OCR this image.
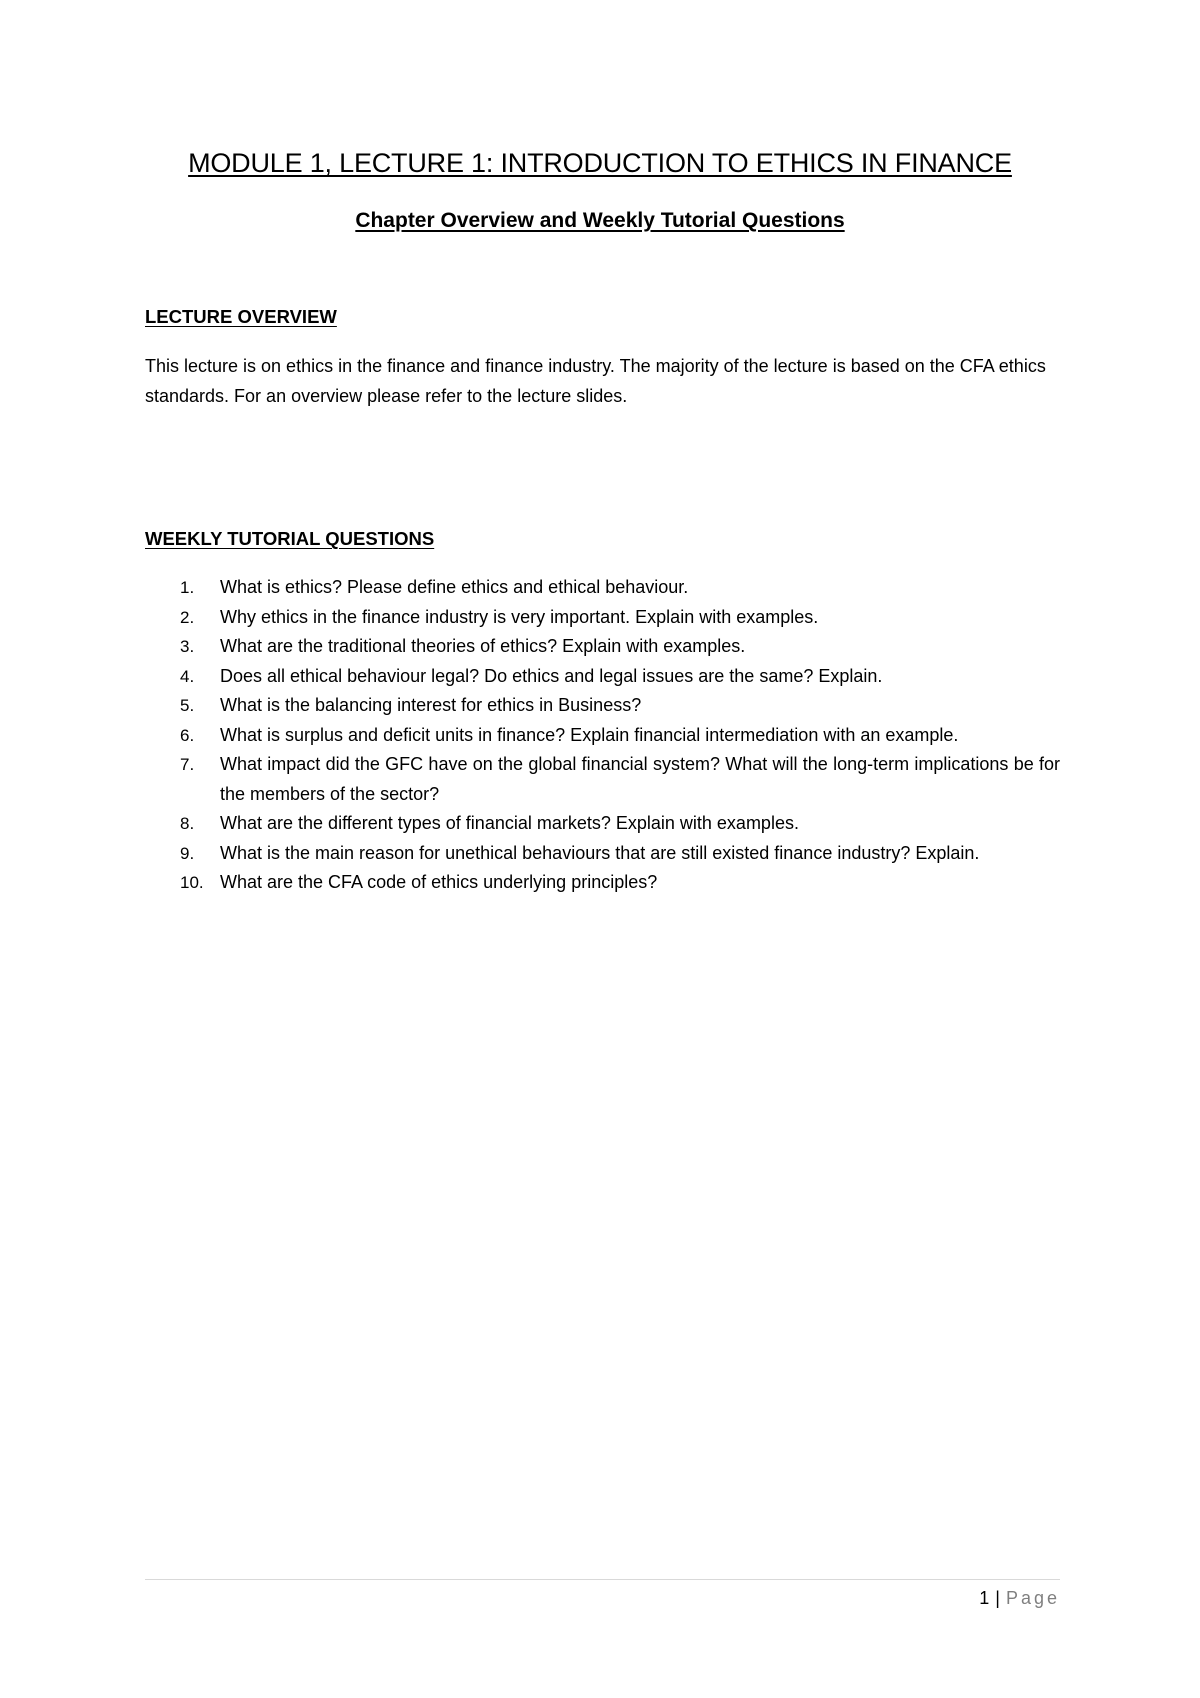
MODULE 1, LECTURE 1: INTRODUCTION TO ETHICS IN FINANCE
Chapter Overview and Weekly Tutorial Questions
LECTURE OVERVIEW
This lecture is on ethics in the finance and finance industry. The majority of the lecture is based on the CFA ethics standards. For an overview please refer to the lecture slides.
WEEKLY TUTORIAL QUESTIONS
1.	What is ethics? Please define ethics and ethical behaviour.
2.	Why ethics in the finance industry is very important. Explain with examples.
3.	What are the traditional theories of ethics? Explain with examples.
4.	Does all ethical behaviour legal? Do ethics and legal issues are the same? Explain.
5.	What is the balancing interest for ethics in Business?
6.	What is surplus and deficit units in finance? Explain financial intermediation with an example.
7.	What impact did the GFC have on the global financial system? What will the long-term implications be for the members of the sector?
8.	What are the different types of financial markets? Explain with examples.
9.	What is the main reason for unethical behaviours that are still existed finance industry? Explain.
10. What are the CFA code of ethics underlying principles?
1 | Page
